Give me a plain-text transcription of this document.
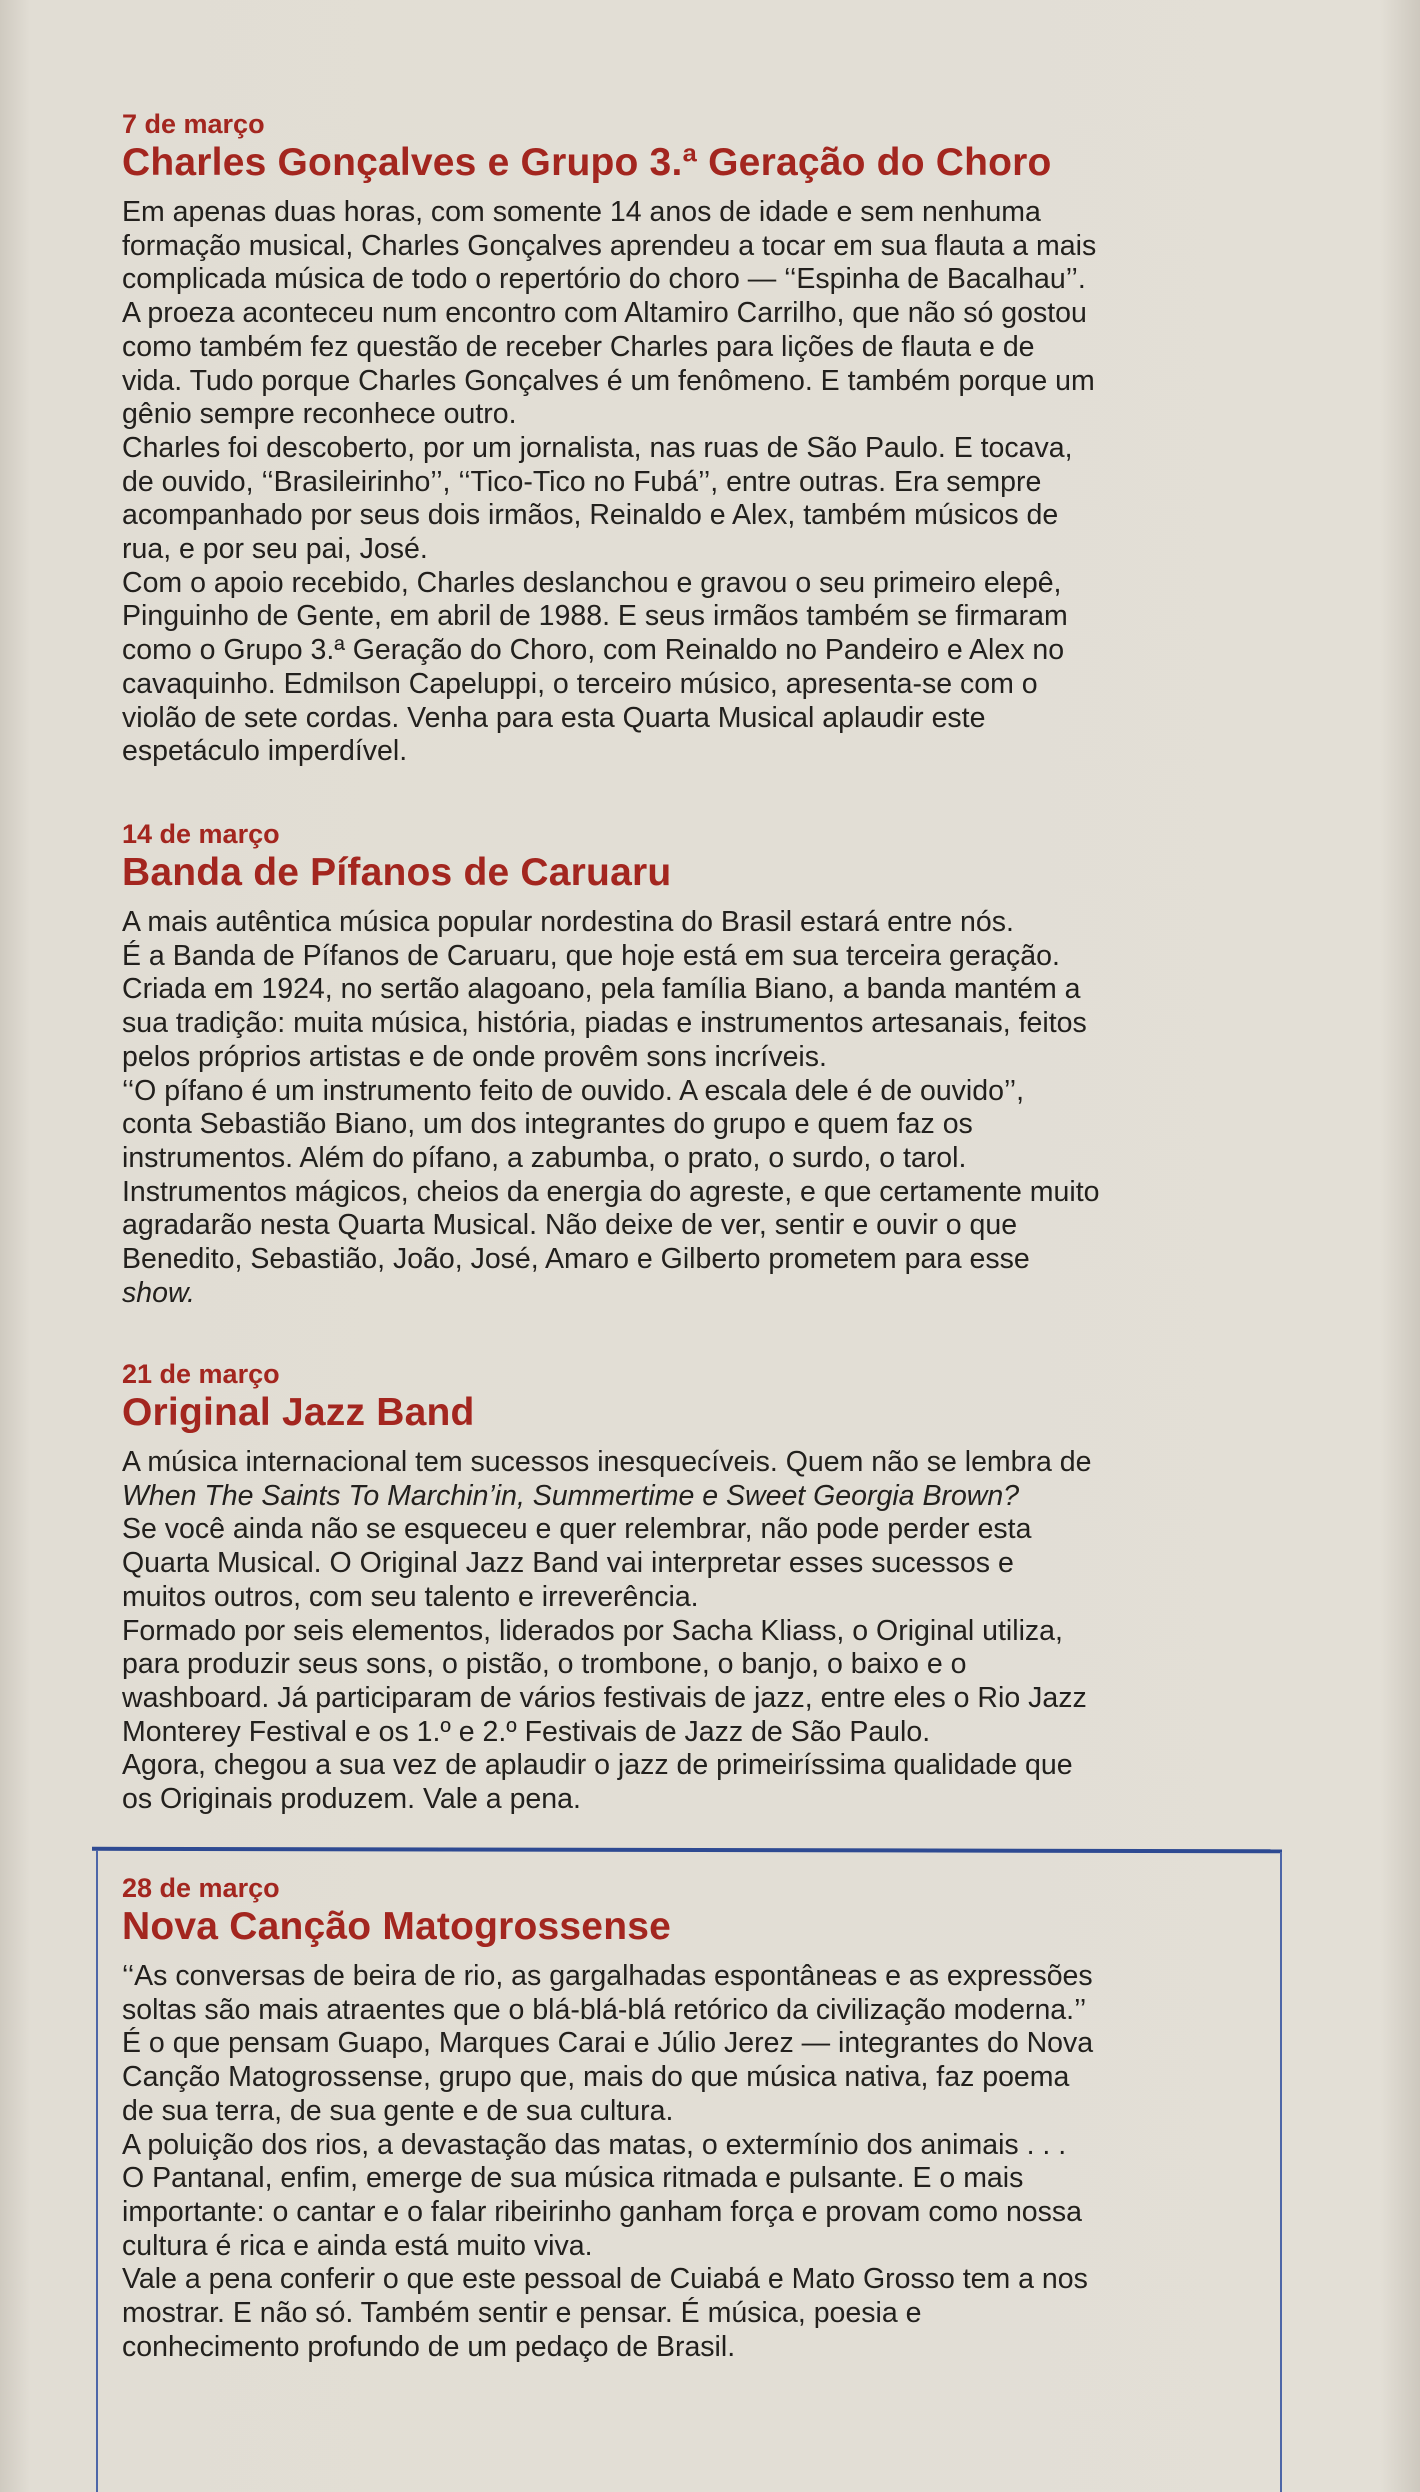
7 de março

Charles Gonçalves e Grupo 3.ª Geração do Choro

Em apenas duas horas, com somente 14 anos de idade e sem nenhuma

formação musical, Charles Gonçalves aprendeu a tocar em sua flauta a mais

complicada música de todo o repertório do choro — ‘‘Espinha de Bacalhau’’.

A proeza aconteceu num encontro com Altamiro Carrilho, que não só gostou

como também fez questão de receber Charles para lições de flauta e de

vida. Tudo porque Charles Gonçalves é um fenômeno. E também porque um

gênio sempre reconhece outro.

Charles foi descoberto, por um jornalista, nas ruas de São Paulo. E tocava,

de ouvido, ‘‘Brasileirinho’’, ‘‘Tico-Tico no Fubá’’, entre outras. Era sempre

acompanhado por seus dois irmãos, Reinaldo e Alex, também músicos de

rua, e por seu pai, José.

Com o apoio recebido, Charles deslanchou e gravou o seu primeiro elepê,

Pinguinho de Gente, em abril de 1988. E seus irmãos também se firmaram

como o Grupo 3.ª Geração do Choro, com Reinaldo no Pandeiro e Alex no

cavaquinho. Edmilson Capeluppi, o terceiro músico, apresenta-se com o

violão de sete cordas. Venha para esta Quarta Musical aplaudir este

espetáculo imperdível.

14 de março

Banda de Pífanos de Caruaru

A mais autêntica música popular nordestina do Brasil estará entre nós.

É a Banda de Pífanos de Caruaru, que hoje está em sua terceira geração.

Criada em 1924, no sertão alagoano, pela família Biano, a banda mantém a

sua tradição: muita música, história, piadas e instrumentos artesanais, feitos

pelos próprios artistas e de onde provêm sons incríveis.

‘‘O pífano é um instrumento feito de ouvido. A escala dele é de ouvido’’,

conta Sebastião Biano, um dos integrantes do grupo e quem faz os

instrumentos. Além do pífano, a zabumba, o prato, o surdo, o tarol.

Instrumentos mágicos, cheios da energia do agreste, e que certamente muito

agradarão nesta Quarta Musical. Não deixe de ver, sentir e ouvir o que

Benedito, Sebastião, João, José, Amaro e Gilberto prometem para esse

show.

21 de março

Original Jazz Band

A música internacional tem sucessos inesquecíveis. Quem não se lembra de

When The Saints To Marchin’in, Summertime e Sweet Georgia Brown?

Se você ainda não se esqueceu e quer relembrar, não pode perder esta

Quarta Musical. O Original Jazz Band vai interpretar esses sucessos e

muitos outros, com seu talento e irreverência.

Formado por seis elementos, liderados por Sacha Kliass, o Original utiliza,

para produzir seus sons, o pistão, o trombone, o banjo, o baixo e o

washboard. Já participaram de vários festivais de jazz, entre eles o Rio Jazz

Monterey Festival e os 1.º e 2.º Festivais de Jazz de São Paulo.

Agora, chegou a sua vez de aplaudir o jazz de primeiríssima qualidade que

os Originais produzem. Vale a pena.

28 de março

Nova Canção Matogrossense

‘‘As conversas de beira de rio, as gargalhadas espontâneas e as expressões

soltas são mais atraentes que o blá-blá-blá retórico da civilização moderna.’’

É o que pensam Guapo, Marques Carai e Júlio Jerez — integrantes do Nova

Canção Matogrossense, grupo que, mais do que música nativa, faz poema

de sua terra, de sua gente e de sua cultura.

A poluição dos rios, a devastação das matas, o extermínio dos animais . . .

O Pantanal, enfim, emerge de sua música ritmada e pulsante. E o mais

importante: o cantar e o falar ribeirinho ganham força e provam como nossa

cultura é rica e ainda está muito viva.

Vale a pena conferir o que este pessoal de Cuiabá e Mato Grosso tem a nos

mostrar. E não só. Também sentir e pensar. É música, poesia e

conhecimento profundo de um pedaço de Brasil.
